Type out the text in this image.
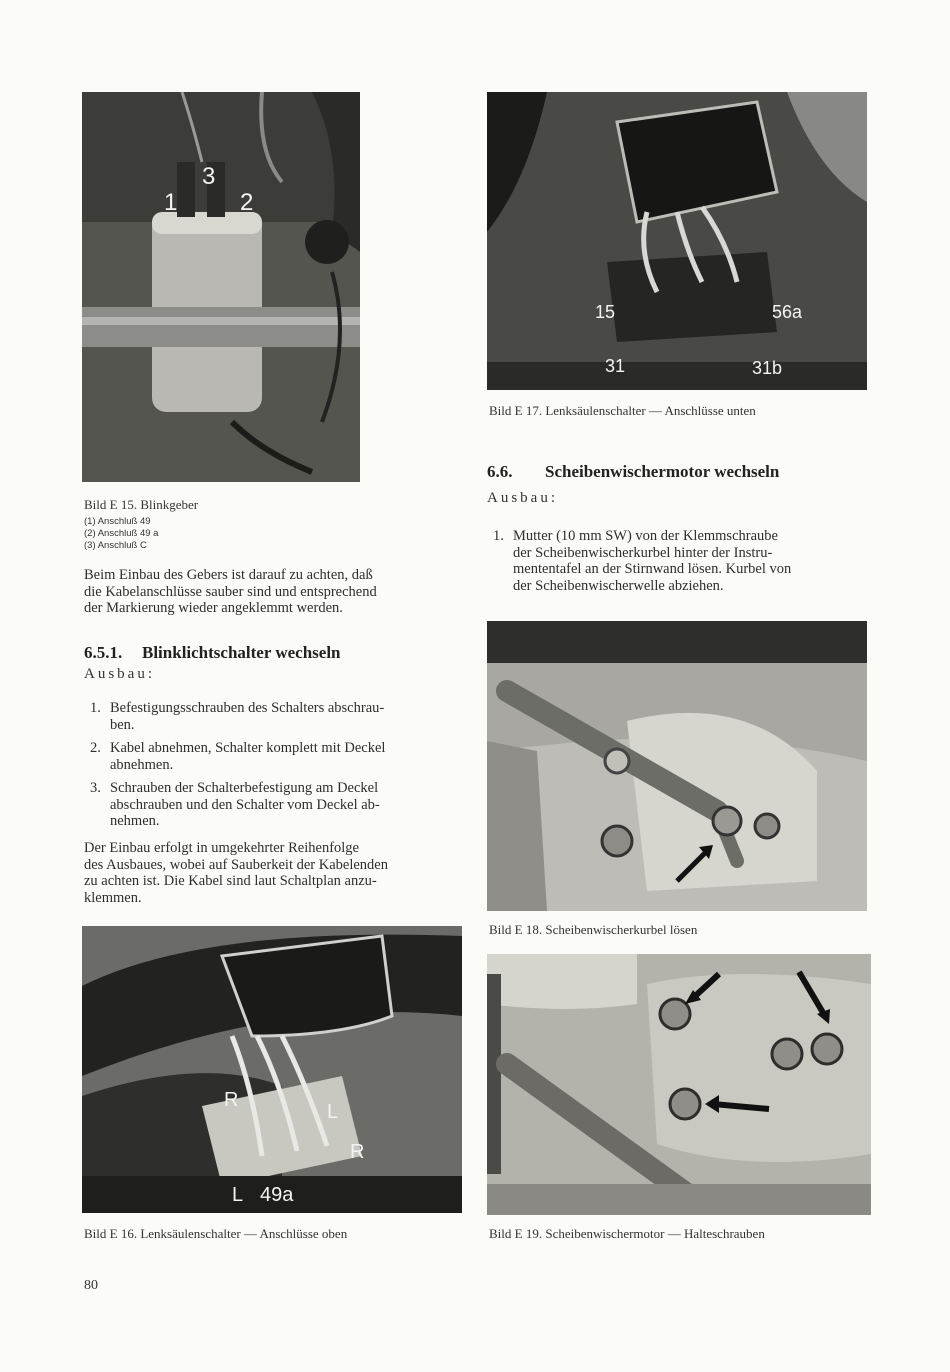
1
3
2
Bild E 15. Blinkgeber
(1) Anschluß 49
(2) Anschluß 49 a
(3) Anschluß C
Beim Einbau des Gebers ist darauf zu achten, daß
die Kabelanschlüsse sauber sind und entsprechend
der Markierung wieder angeklemmt werden.
6.5.1. Blinklichtschalter wechseln
Ausbau:
1. Befestigungsschrauben des Schalters abschrau-
ben.
2. Kabel abnehmen, Schalter komplett mit Deckel
abnehmen.
3. Schrauben der Schalterbefestigung am Deckel
abschrauben und den Schalter vom Deckel ab-
nehmen.
Der Einbau erfolgt in umgekehrter Reihenfolge
des Ausbaues, wobei auf Sauberkeit der Kabelenden
zu achten ist. Die Kabel sind laut Schaltplan anzu-
klemmen.
R
L
R
L 49a
Bild E 16. Lenksäulenschalter — Anschlüsse oben
15	56a
31	31b
Bild E 17. Lenksäulenschalter — Anschlüsse unten
6.6. Scheibenwischermotor wechseln
Ausbau:
1. Mutter (10 mm SW) von der Klemmschraube
der Scheibenwischerkurbel hinter der Instru-
mententafel an der Stirnwand lösen. Kurbel von
der Scheibenwischerwelle abziehen.
Bild E 18. Scheibenwischerkurbel lösen
Bild E 19. Scheibenwischermotor — Halteschrauben
80
